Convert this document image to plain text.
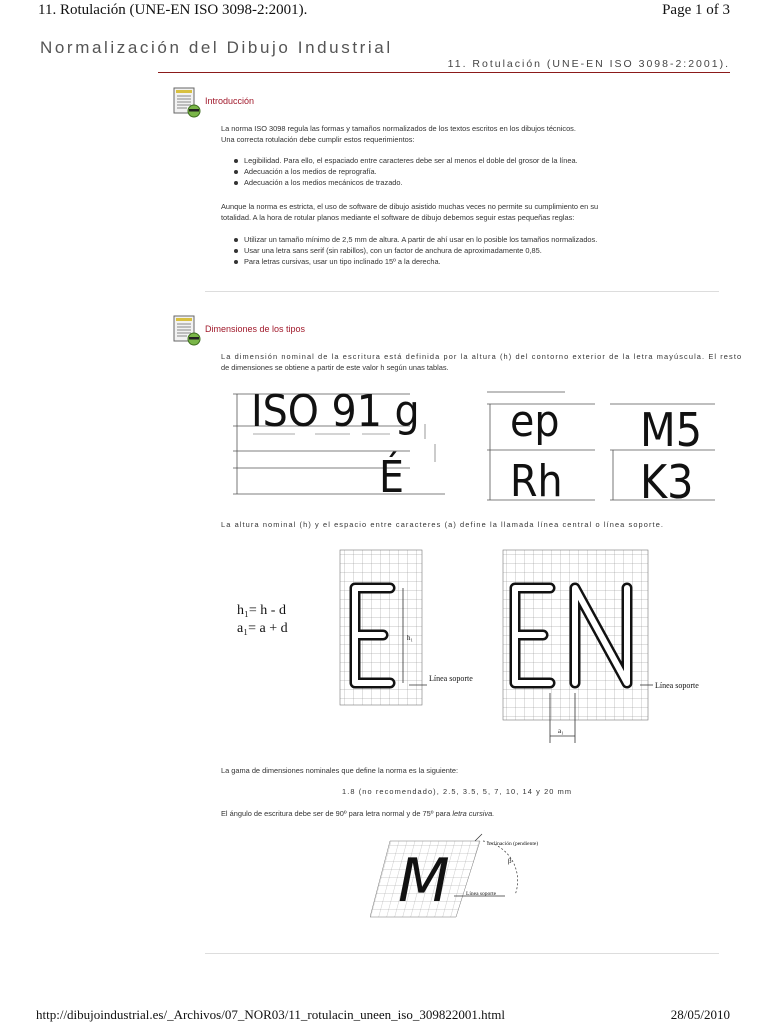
11. Rotulación (UNE-EN ISO 3098-2:2001).	Page 1 of 3
Normalización del Dibujo Industrial
11. Rotulación (UNE-EN ISO 3098-2:2001).
Introducción
La norma ISO 3098 regula las formas y tamaños normalizados de los textos escritos en los dibujos técnicos.
Una correcta rotulación debe cumplir estos requerimientos:
Legibilidad. Para ello, el espaciado entre caracteres debe ser al menos el doble del grosor de la línea.
Adecuación a los medios de reprografía.
Adecuación a los medios mecánicos de trazado.
Aunque la norma es estricta, el uso de software de dibujo asistido muchas veces no permite su cumplimiento en su
totalidad. A la hora de rotular planos mediante el software de dibujo debemos seguir estas pequeñas reglas:
Utilizar un tamaño mínimo de 2,5 mm de altura. A partir de ahí usar en lo posible los tamaños normalizados.
Usar una letra sans serif (sin rabillos), con un factor de anchura de aproximadamente 0,85.
Para letras cursivas, usar un tipo inclinado 15º a la derecha.
Dimensiones de los tipos
La dimensión nominal de la escritura está definida por la altura (h) del contorno exterior de la letra mayúscula. El resto
de dimensiones se obtiene a partir de este valor h según unas tablas.
ISO 91 g
É
ep
Rh
M5
K3
La altura nominal (h) y el espacio entre caracteres (a) define la llamada línea central o línea soporte.
h₁= h - d
a₁= a + d
Línea soporte
h₁
Línea soporte
a₁
La gama de dimensiones nominales que define la norma es la siguiente:
1.8 (no recomendado), 2.5, 3.5, 5, 7, 10, 14 y 20 mm
El ángulo de escritura debe ser de 90º para letra normal y de 75º para letra cursiva.
M
Inclinación (pendiente)
β
Línea soporte
http://dibujoindustrial.es/_Archivos/07_NOR03/11_rotulacin_uneen_iso_309822001.html	28/05/2010
